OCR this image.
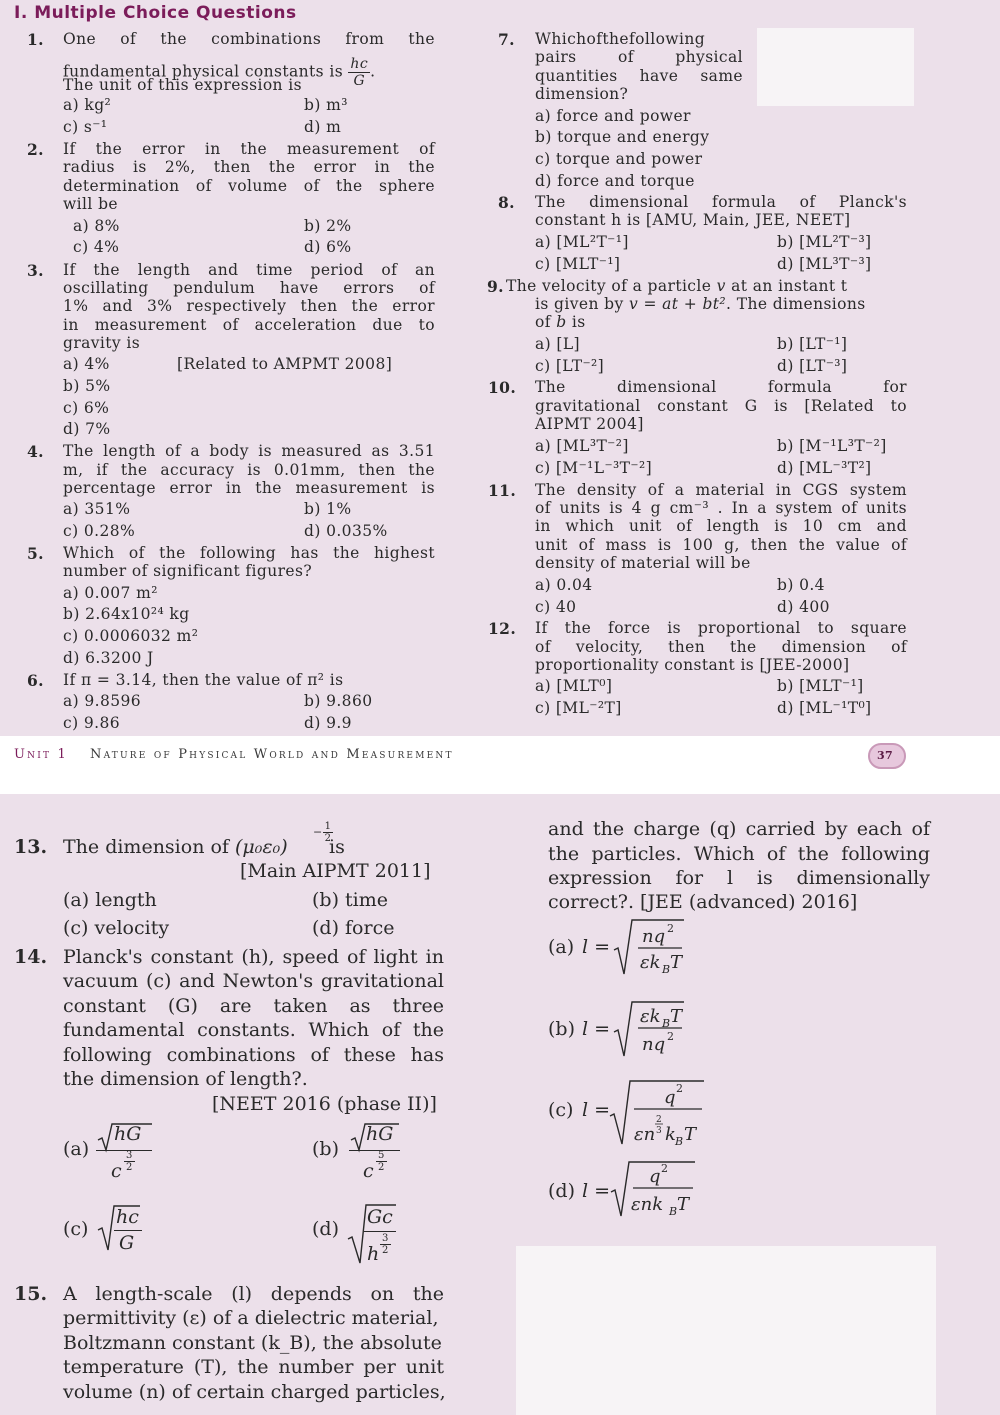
I. Multiple Choice Questions
1. One of the combinations from the
fundamental physical constants is $\frac{hc}{G}$ .
The unit of this expression is
a) kg²	b) m³
c) s⁻¹	d) m
2. If the error in the measurement of
radius is 2%, then the error in the
determination of volume of the sphere
will be
a) 8%	b) 2%
c) 4%	d) 6%
3. If the length and time period of an
oscillating pendulum have errors of
1% and 3% respectively then the error
in measurement of acceleration due to
gravity is
a) 4%	[Related to AMPMT 2008]
b) 5%
c) 6%
d) 7%
4. The length of a body is measured as 3.51
m, if the accuracy is 0.01mm, then the
percentage error in the measurement is
a) 351%	b) 1%
c) 0.28%	d) 0.035%
5. Which of the following has the highest
number of significant figures?
a) 0.007 m²
b) 2.64x10²⁴ kg
c) 0.0006032 m²
d) 6.3200 J
6. If π = 3.14, then the value of π² is
a) 9.8596	b) 9.860
c) 9.86	d) 9.9
7. Whichofthefollowing
pairs of physical
quantities have same
dimension?
a) force and power
b) torque and energy
c) torque and power
d) force and torque
8. The dimensional formula of Planck's
constant h is [AMU, Main, JEE, NEET]
a) [ML²T⁻¹]	b) [ML²T⁻³]
c) [MLT⁻¹]	d) [ML³T⁻³]
9. The velocity of a particle v at an instant t
is given by v = at + bt². The dimensions
of b is
a) [L]	b) [LT⁻¹]
c) [LT⁻²]	d) [LT⁻³]
10. The dimensional formula for
gravitational constant G is [Related to
AIPMT 2004]
a) [ML³T⁻²]	b) [M⁻¹L³T⁻²]
c) [M⁻¹L⁻³T⁻²]	d) [ML⁻³T²]
11. The density of a material in CGS system
of units is 4 g cm⁻³ . In a system of units
in which unit of length is 10 cm and
unit of mass is 100 g, then the value of
density of material will be
a) 0.04	b) 0.4
c) 40	d) 400
12. If the force is proportional to square
of velocity, then the dimension of
proportionality constant is [JEE-2000]
a) [MLT⁰]	b) [MLT⁻¹]
c) [ML⁻²T]	d) [ML⁻¹T⁰]
Unit 1 Nature of Physical World and Measurement	37
13. The dimension of (μ₀ε₀)
− $\frac{1}{2}$
is
[Main AIPMT 2011]
(a) length	(b) time
(c) velocity	(d) force
14. Planck's constant (h), speed of light in
vacuum (c) and Newton's gravitational
constant (G) are taken as three
fundamental constants. Which of the
following combinations of these has
the dimension of length?.
[NEET 2016 (phase II)]
(a)
hG
c $\frac{3}{2}$
(b)
hG
c $\frac{5}{2}$
(c)
hc
G
(d)
Gc
h $\frac{3}{2}$
15. A length-scale (l) depends on the
permittivity (ε) of a dielectric material,
Boltzmann constant (k_B), the absolute
temperature (T), the number per unit
volume (n) of certain charged particles,
and the charge (q) carried by each of
the particles. Which of the following
expression for l is dimensionally
correct?. [JEE (advanced) 2016]
(a) l = nq 2
εk B T
(b) l =
εk B T
nq 2
(c) l =
q 2
εn
2
3 k B T
(d) l =
q 2
εnk B T
